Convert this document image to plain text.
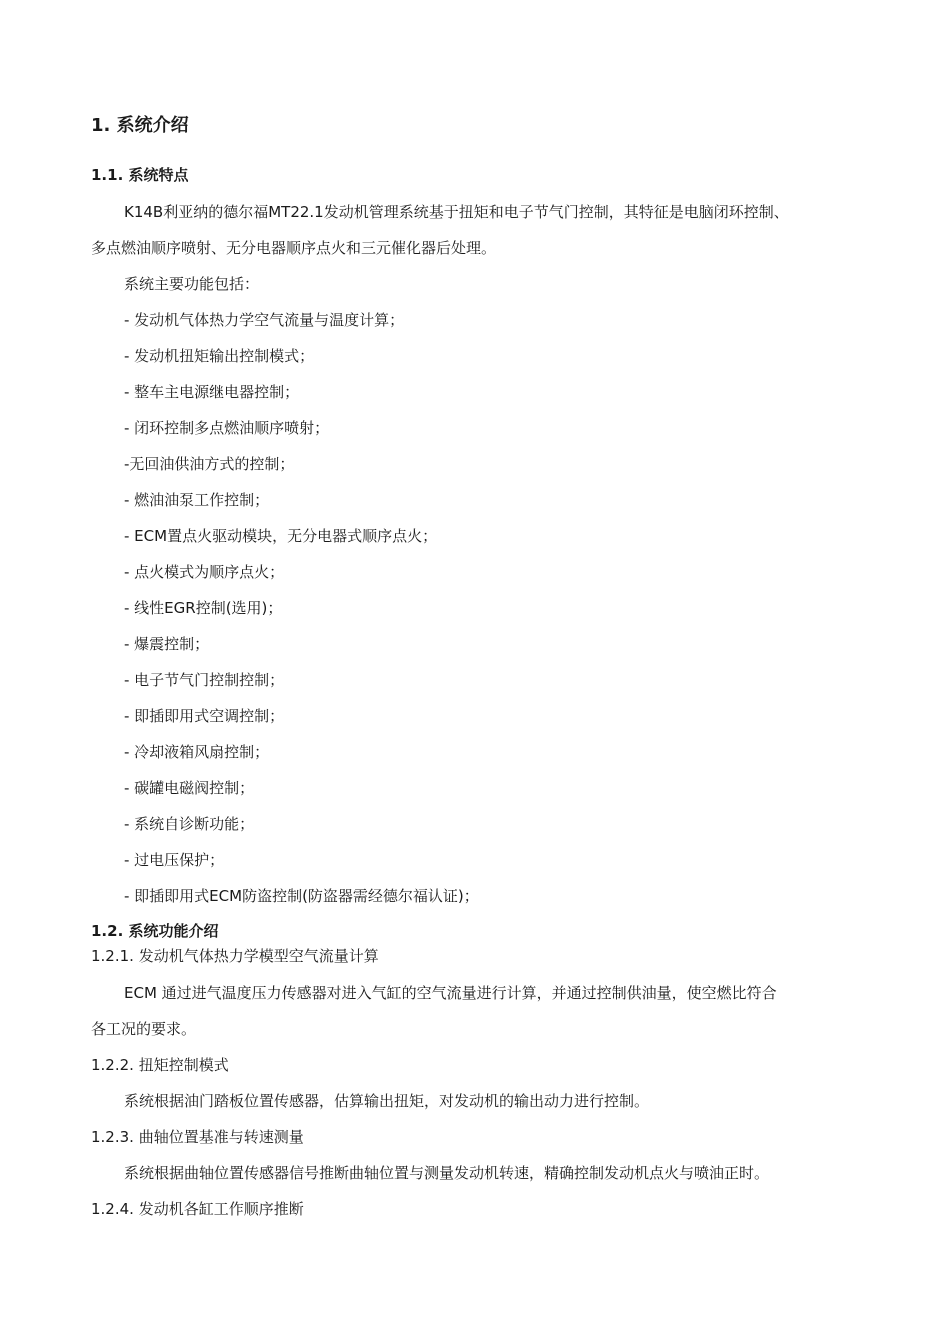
1. 系统介绍
1.1. 系统特点
K14B利亚纳的德尔福MT22.1发动机管理系统基于扭矩和电子节气门控制，其特征是电脑闭环控制、
多点燃油顺序喷射、无分电器顺序点火和三元催化器后处理。
系统主要功能包括：
- 发动机气体热力学空气流量与温度计算；
- 发动机扭矩输出控制模式；
- 整车主电源继电器控制；
- 闭环控制多点燃油顺序喷射；
-无回油供油方式的控制；
- 燃油油泵工作控制；
- ECM置点火驱动模块，无分电器式顺序点火；
- 点火模式为顺序点火；
- 线性EGR控制(选用)；
- 爆震控制；
- 电子节气门控制控制；
- 即插即用式空调控制；
- 冷却液箱风扇控制；
- 碳罐电磁阀控制；
- 系统自诊断功能；
- 过电压保护；
- 即插即用式ECM防盗控制(防盗器需经德尔福认证)；
1.2. 系统功能介绍
1.2.1. 发动机气体热力学模型空气流量计算
ECM 通过进气温度压力传感器对进入气缸的空气流量进行计算，并通过控制供油量，使空燃比符合
各工况的要求。
1.2.2. 扭矩控制模式
系统根据油门踏板位置传感器，估算输出扭矩，对发动机的输出动力进行控制。
1.2.3. 曲轴位置基准与转速测量
系统根据曲轴位置传感器信号推断曲轴位置与测量发动机转速，精确控制发动机点火与喷油正时。
1.2.4. 发动机各缸工作顺序推断
